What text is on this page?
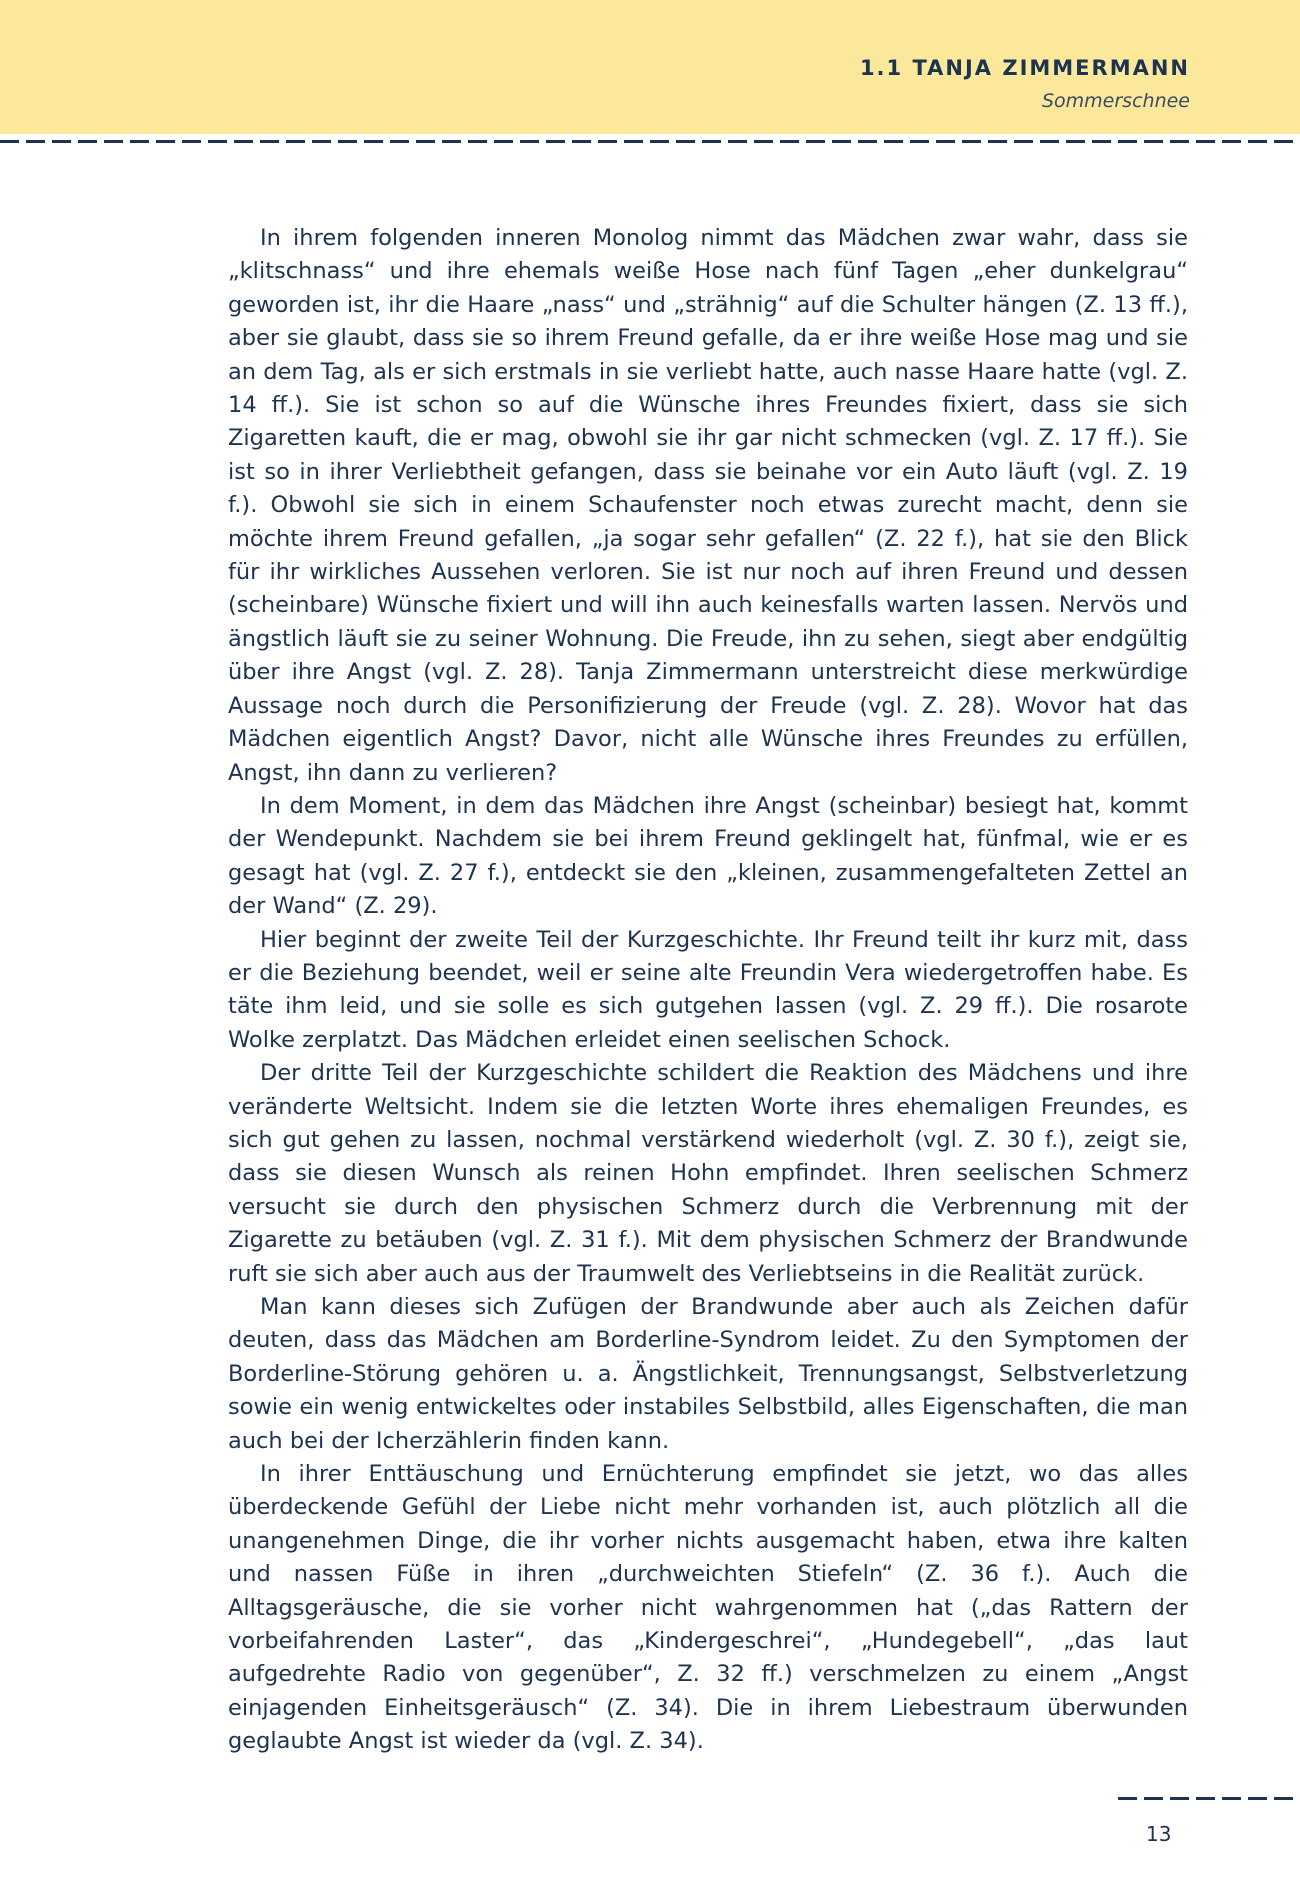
1.1 TANJA ZIMMERMANN
Sommerschnee

In ihrem folgenden inneren Monolog nimmt das Mädchen zwar wahr, dass sie „klitschnass“ und ihre ehemals weiße Hose nach fünf Tagen „eher dunkelgrau“ geworden ist, ihr die Haare „nass“ und „strähnig“ auf die Schulter hängen (Z. 13 ff.), aber sie glaubt, dass sie so ihrem Freund gefalle, da er ihre weiße Hose mag und sie an dem Tag, als er sich erstmals in sie verliebt hatte, auch nasse Haare hatte (vgl. Z. 14 ff.). Sie ist schon so auf die Wünsche ihres Freundes fixiert, dass sie sich Zigaretten kauft, die er mag, obwohl sie ihr gar nicht schmecken (vgl. Z. 17 ff.). Sie ist so in ihrer Verliebtheit gefangen, dass sie beinahe vor ein Auto läuft (vgl. Z. 19 f.). Obwohl sie sich in einem Schaufenster noch etwas zurecht macht, denn sie möchte ihrem Freund gefallen, „ja sogar sehr gefallen“ (Z. 22 f.), hat sie den Blick für ihr wirkliches Aussehen verloren. Sie ist nur noch auf ihren Freund und dessen (scheinbare) Wünsche fixiert und will ihn auch keinesfalls warten lassen. Nervös und ängstlich läuft sie zu seiner Wohnung. Die Freude, ihn zu sehen, siegt aber endgültig über ihre Angst (vgl. Z. 28). Tanja Zimmermann unterstreicht diese merkwürdige Aussage noch durch die Personifizierung der Freude (vgl. Z. 28). Wovor hat das Mädchen eigentlich Angst? Davor, nicht alle Wünsche ihres Freundes zu erfüllen, Angst, ihn dann zu verlieren?

In dem Moment, in dem das Mädchen ihre Angst (scheinbar) besiegt hat, kommt der Wendepunkt. Nachdem sie bei ihrem Freund geklingelt hat, fünfmal, wie er es gesagt hat (vgl. Z. 27 f.), entdeckt sie den „kleinen, zusammengefalteten Zettel an der Wand“ (Z. 29).

Hier beginnt der zweite Teil der Kurzgeschichte. Ihr Freund teilt ihr kurz mit, dass er die Beziehung beendet, weil er seine alte Freundin Vera wiedergetroffen habe. Es täte ihm leid, und sie solle es sich gutgehen lassen (vgl. Z. 29 ff.). Die rosarote Wolke zerplatzt. Das Mädchen erleidet einen seelischen Schock.

Der dritte Teil der Kurzgeschichte schildert die Reaktion des Mädchens und ihre veränderte Weltsicht. Indem sie die letzten Worte ihres ehemaligen Freundes, es sich gut gehen zu lassen, nochmal verstärkend wiederholt (vgl. Z. 30 f.), zeigt sie, dass sie diesen Wunsch als reinen Hohn empfindet. Ihren seelischen Schmerz versucht sie durch den physischen Schmerz durch die Verbrennung mit der Zigarette zu betäuben (vgl. Z. 31 f.). Mit dem physischen Schmerz der Brandwunde ruft sie sich aber auch aus der Traumwelt des Verliebtseins in die Realität zurück.

Man kann dieses sich Zufügen der Brandwunde aber auch als Zeichen dafür deuten, dass das Mädchen am Borderline-Syndrom leidet. Zu den Symptomen der Borderline-Störung gehören u. a. Ängstlichkeit, Trennungsangst, Selbstverletzung sowie ein wenig entwickeltes oder instabiles Selbstbild, alles Eigenschaften, die man auch bei der Icherzählerin finden kann.

In ihrer Enttäuschung und Ernüchterung empfindet sie jetzt, wo das alles überdeckende Gefühl der Liebe nicht mehr vorhanden ist, auch plötzlich all die unangenehmen Dinge, die ihr vorher nichts ausgemacht haben, etwa ihre kalten und nassen Füße in ihren „durchweichten Stiefeln“ (Z. 36 f.). Auch die Alltagsgeräusche, die sie vorher nicht wahrgenommen hat („das Rattern der vorbeifahrenden Laster“, das „Kindergeschrei“, „Hundegebell“, „das laut aufgedrehte Radio von gegenüber“, Z. 32 ff.) verschmelzen zu einem „Angst einjagenden Einheitsgeräusch“ (Z. 34). Die in ihrem Liebestraum überwunden geglaubte Angst ist wieder da (vgl. Z. 34).

13
